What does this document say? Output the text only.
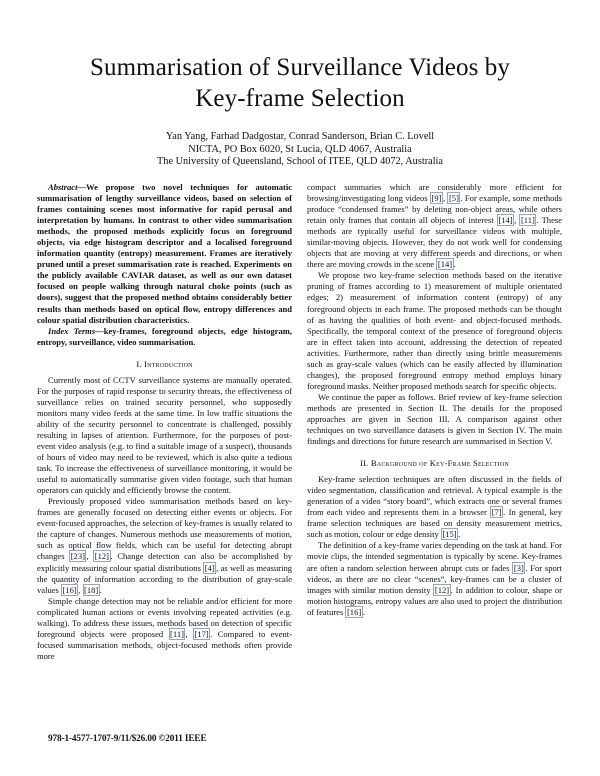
Summarisation of Surveillance Videos by
Key-frame Selection
Yan Yang, Farhad Dadgostar, Conrad Sanderson, Brian C. Lovell
NICTA, PO Box 6020, St Lucia, QLD 4067, Australia
The University of Queensland, School of ITEE, QLD 4072, Australia

Abstract—We propose two novel techniques for automatic summarisation of lengthy surveillance videos, based on selection of frames containing scenes most informative for rapid perusal and interpretation by humans. In contrast to other video summarisation methods, the proposed methods explicitly focus on foreground objects, via edge histogram descriptor and a localised foreground information quantity (entropy) measurement. Frames are iteratively pruned until a preset summarisation rate is reached. Experiments on the publicly available CAVIAR dataset, as well as our own dataset focused on people walking through natural choke points (such as doors), suggest that the proposed method obtains considerably better results than methods based on optical flow, entropy differences and colour spatial distribution characteristics.

Index Terms—key-frames, foreground objects, edge histogram, entropy, surveillance, video summarisation.

I. Introduction

Currently most of CCTV surveillance systems are manually operated. For the purposes of rapid response to security threats, the effectiveness of surveillance relies on trained security personnel, who supposedly monitors many video feeds at the same time. In low traffic situations the ability of the security personnel to concentrate is challenged, possibly resulting in lapses of attention. Furthermore, for the purposes of post-event video analysis (e.g. to find a suitable image of a suspect), thousands of hours of video may need to be reviewed, which is also quite a tedious task. To increase the effectiveness of surveillance monitoring, it would be useful to automatically summarise given video footage, such that human operators can quickly and efficiently browse the content.

Previously proposed video summarisation methods based on key-frames are generally focused on detecting either events or objects. For event-focused approaches, the selection of key-frames is usually related to the capture of changes. Numerous methods use measurements of motion, such as optical flow fields, which can be useful for detecting abrupt changes [23] , [12] . Change detection can also be accomplished by explicitly measuring colour spatial distributions [4] , as well as measuring the quantity of information according to the distribution of gray-scale values [16] , [18] .

Simple change detection may not be reliable and/or efficient for more complicated human actions or events involving repeated activities (e.g. walking). To address these issues, methods based on detection of specific foreground objects were proposed [11] , [17] . Compared to event-focused summarisation methods, object-focused methods often provide more

compact summaries which are considerably more efficient for browsing/investigating long videos [9] , [5] . For example, some methods produce “condensed frames” by deleting non-object areas, while others retain only frames that contain all objects of interest [14] , [11] . These methods are typically useful for surveillance videos with multiple, similar-moving objects. However, they do not work well for condensing objects that are moving at very different speeds and directions, or when there are moving crowds in the scene [14] .

We propose two key-frame selection methods based on the iterative pruning of frames according to 1) measurement of multiple orientated edges; 2) measurement of information content (entropy) of any foreground objects in each frame. The proposed methods can be thought of as having the qualities of both event- and object-focused methods. Specifically, the temporal context of the presence of foreground objects are in effect taken into account, addressing the detection of repeated activities. Furthermore, rather than directly using brittle measurements such as gray-scale values (which can be easily affected by illumination changes), the proposed foreground entropy method employs binary foreground masks. Neither proposed methods search for specific objects.

We continue the paper as follows. Brief review of key-frame selection methods are presented in Section II. The details for the proposed approaches are given in Section III. A comparison against other techniques on two surveillance datasets is given in Section IV. The main findings and directions for future research are summarised in Section V.

II. Background of Key-Frame Selection

Key-frame selection techniques are often discussed in the fields of video segmentation, classification and retrieval. A typical example is the generation of a video “story board”, which extracts one or several frames from each video and represents them in a browser [7] . In general, key frame selection techniques are based on density measurement metrics, such as motion, colour or edge density [15] .

The definition of a key-frame varies depending on the task at hand. For movie clips, the intended segmentation is typically by scene. Key-frames are often a random selection between abrupt cuts or fades [3] . For sport videos, as there are no clear “scenes”, key-frames can be a cluster of images with similar motion density [12] . In addition to colour, shape or motion histograms, entropy values are also used to project the distribution of features [16] .

978-1-4577-1707-9/11/$26.00 ©2011 IEEE
